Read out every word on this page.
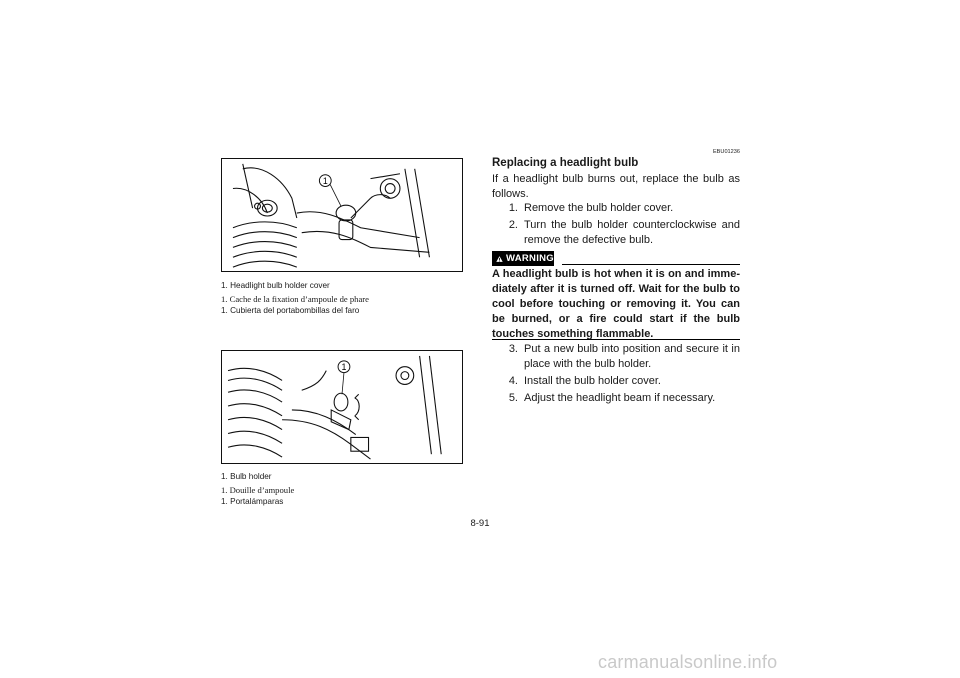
1
1. Headlight bulb holder cover
1. Cache de la fixation d’ampoule de phare
1. Cubierta del portabombillas del faro
1
1. Bulb holder
1. Douille d’ampoule
1. Portalámparas
EBU01236
Replacing a headlight bulb
If a headlight bulb burns out, replace the bulb as follows.
1. Remove the bulb holder cover.
2. Turn the bulb holder counterclockwise and remove the defective bulb.
WARNING
A headlight bulb is hot when it is on and imme- diately after it is turned off. Wait for the bulb to cool before touching or removing it. You can be burned, or a fire could start if the bulb touches something flammable.
3. Put a new bulb into position and secure it in place with the bulb holder.
4. Install the bulb holder cover.
5. Adjust the headlight beam if necessary.
8-91
carmanualsonline.info
